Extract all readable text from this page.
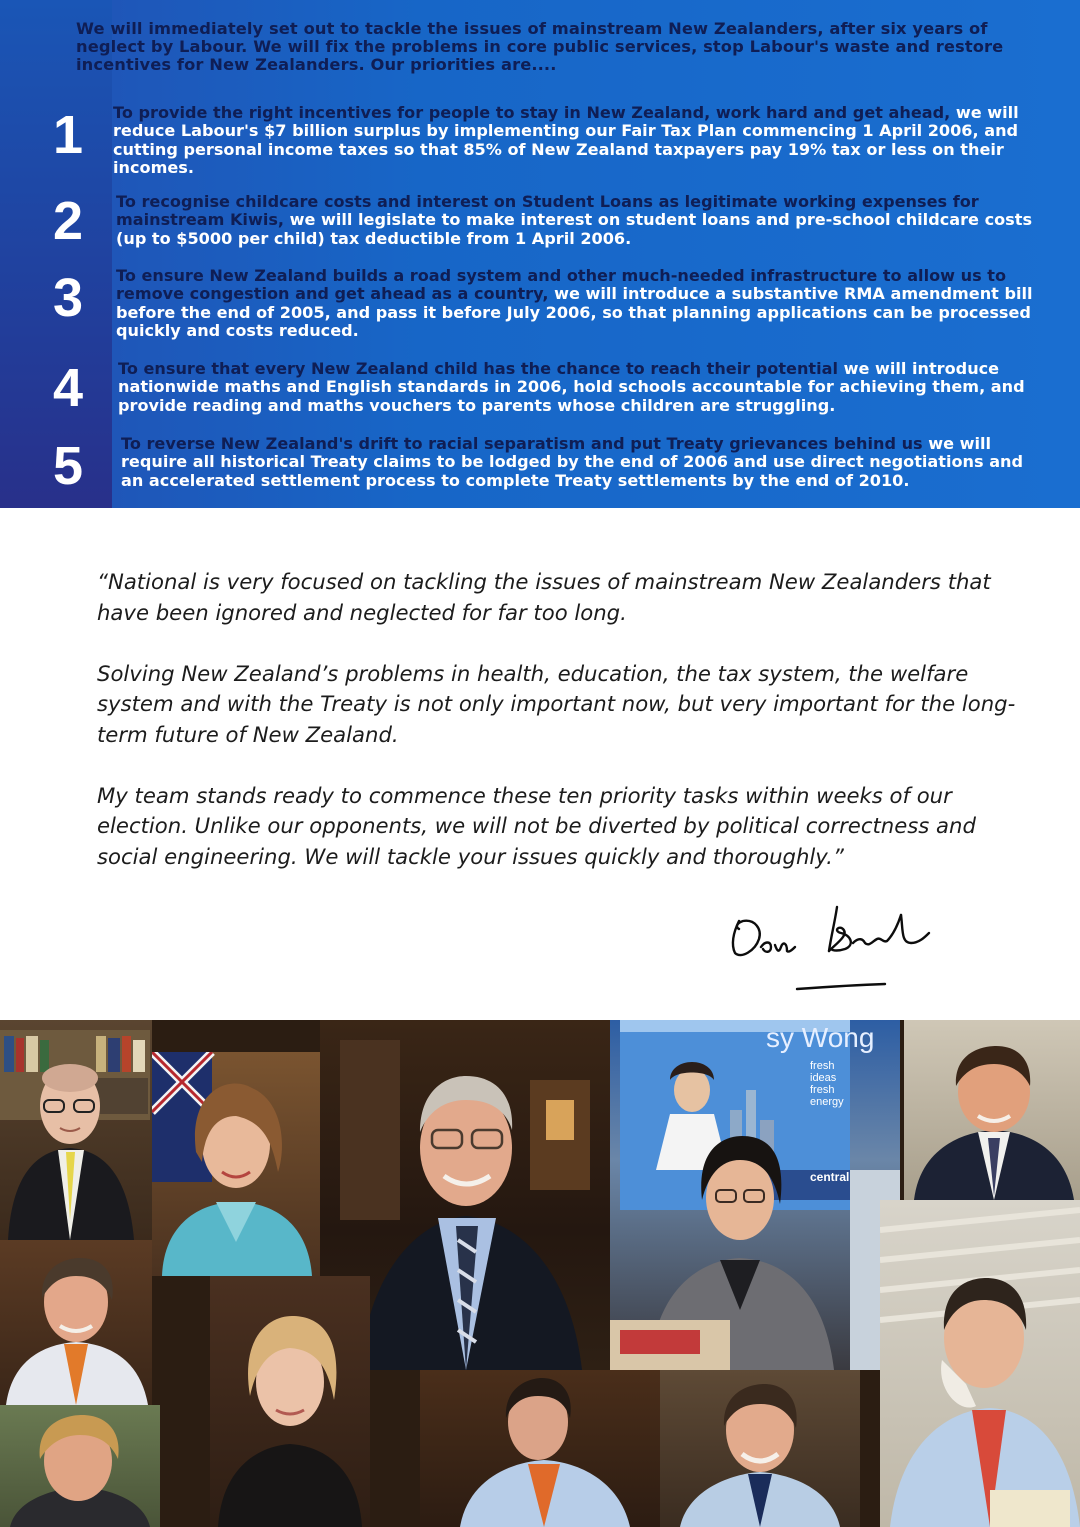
We will immediately set out to tackle the issues of mainstream New Zealanders, after six years of neglect by Labour. We will fix the problems in core public services, stop Labour's waste and restore incentives for New Zealanders. Our priorities are....

1	To provide the right incentives for people to stay in New Zealand, work hard and get ahead, we will reduce Labour's $7 billion surplus by implementing our Fair Tax Plan commencing 1 April 2006, and cutting personal income taxes so that 85% of New Zealand taxpayers pay 19% tax or less on their incomes.

2	To recognise childcare costs and interest on Student Loans as legitimate working expenses for mainstream Kiwis, we will legislate to make interest on student loans and pre-school childcare costs (up to $5000 per child) tax deductible from 1 April 2006.

3	To ensure New Zealand builds a road system and other much-needed infrastructure to allow us to remove congestion and get ahead as a country, we will introduce a substantive RMA amendment bill before the end of 2005, and pass it before July 2006, so that planning applications can be processed quickly and costs reduced.

4	To ensure that every New Zealand child has the chance to reach their potential we will introduce nationwide maths and English standards in 2006, hold schools accountable for achieving them, and provide reading and maths vouchers to parents whose children are struggling.

5	To reverse New Zealand's drift to racial separatism and put Treaty grievances behind us we will require all historical Treaty claims to be lodged by the end of 2006 and use direct negotiations and an accelerated settlement process to complete Treaty settlements by the end of 2010.

“National is very focused on tackling the issues of mainstream New Zealanders that have been ignored and neglected for far too long.

Solving New Zealand’s problems in health, education, the tax system, the welfare system and with the Treaty is not only important now, but very important for the long-term future of New Zealand.

My team stands ready to commence these ten priority tasks within weeks of our election. Unlike our opponents, we will not be diverted by political correctness and social engineering. We will tackle your issues quickly and thoroughly.”

sy Wong
fresh
ideas
fresh
energy
central
